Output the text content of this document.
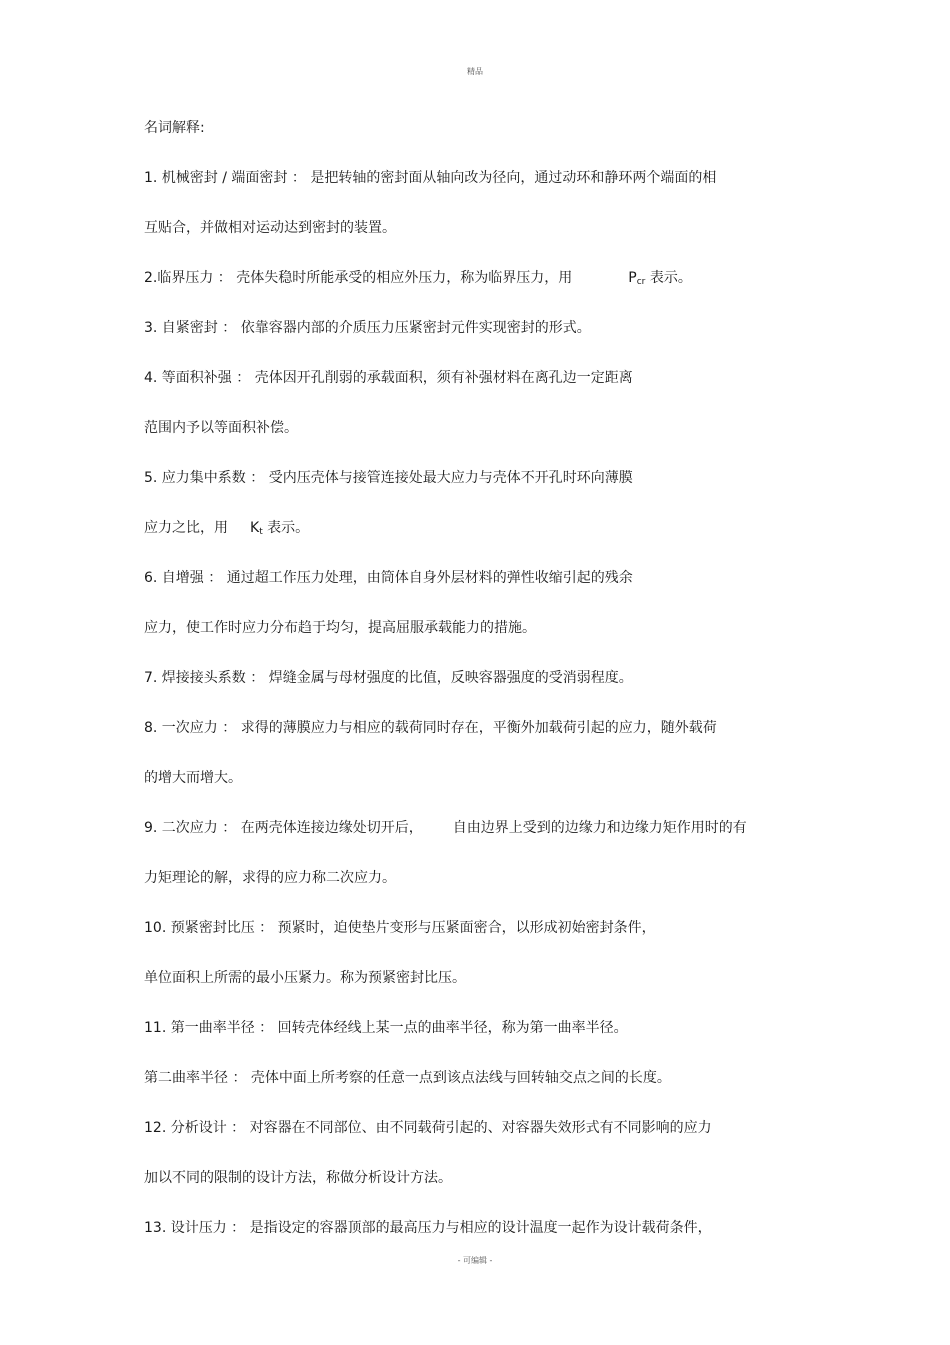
精品
名词解释:
1. 机械密封 / 端面密封 ： 是把转轴的密封面从轴向改为径向，通过动环和静环两个端面的相
互贴合，并做相对运动达到密封的装置。
2.临界压力 ： 壳体失稳时所能承受的相应外压力，称为临界压力，用	$P_{cr}$ 表示。
3. 自紧密封 ： 依靠容器内部的介质压力压紧密封元件实现密封的形式。
4. 等面积补强 ： 壳体因开孔削弱的承载面积，须有补强材料在离孔边一定距离
范围内予以等面积补偿。
5. 应力集中系数 ： 受内压壳体与接管连接处最大应力与壳体不开孔时环向薄膜
应力之比，用 $K_t$ 表示。
6. 自增强 ： 通过超工作压力处理，由筒体自身外层材料的弹性收缩引起的残余
应力，使工作时应力分布趋于均匀，提高屈服承载能力的措施。
7. 焊接接头系数 ： 焊缝金属与母材强度的比值，反映容器强度的受消弱程度。
8. 一次应力 ： 求得的薄膜应力与相应的载荷同时存在，平衡外加载荷引起的应力，随外载荷
的增大而增大。
9. 二次应力 ： 在两壳体连接边缘处切开后， 自由边界上受到的边缘力和边缘力矩作用时的有
力矩理论的解，求得的应力称二次应力。
10. 预紧密封比压 ： 预紧时，迫使垫片变形与压紧面密合，以形成初始密封条件，
单位面积上所需的最小压紧力。称为预紧密封比压。
11. 第一曲率半径 ： 回转壳体经线上某一点的曲率半径，称为第一曲率半径。
第二曲率半径 ： 壳体中面上所考察的任意一点到该点法线与回转轴交点之间的长度。
12. 分析设计 ： 对容器在不同部位、由不同载荷引起的、对容器失效形式有不同影响的应力
加以不同的限制的设计方法，称做分析设计方法。
13. 设计压力 ： 是指设定的容器顶部的最高压力与相应的设计温度一起作为设计载荷条件，
- 可编辑 -
